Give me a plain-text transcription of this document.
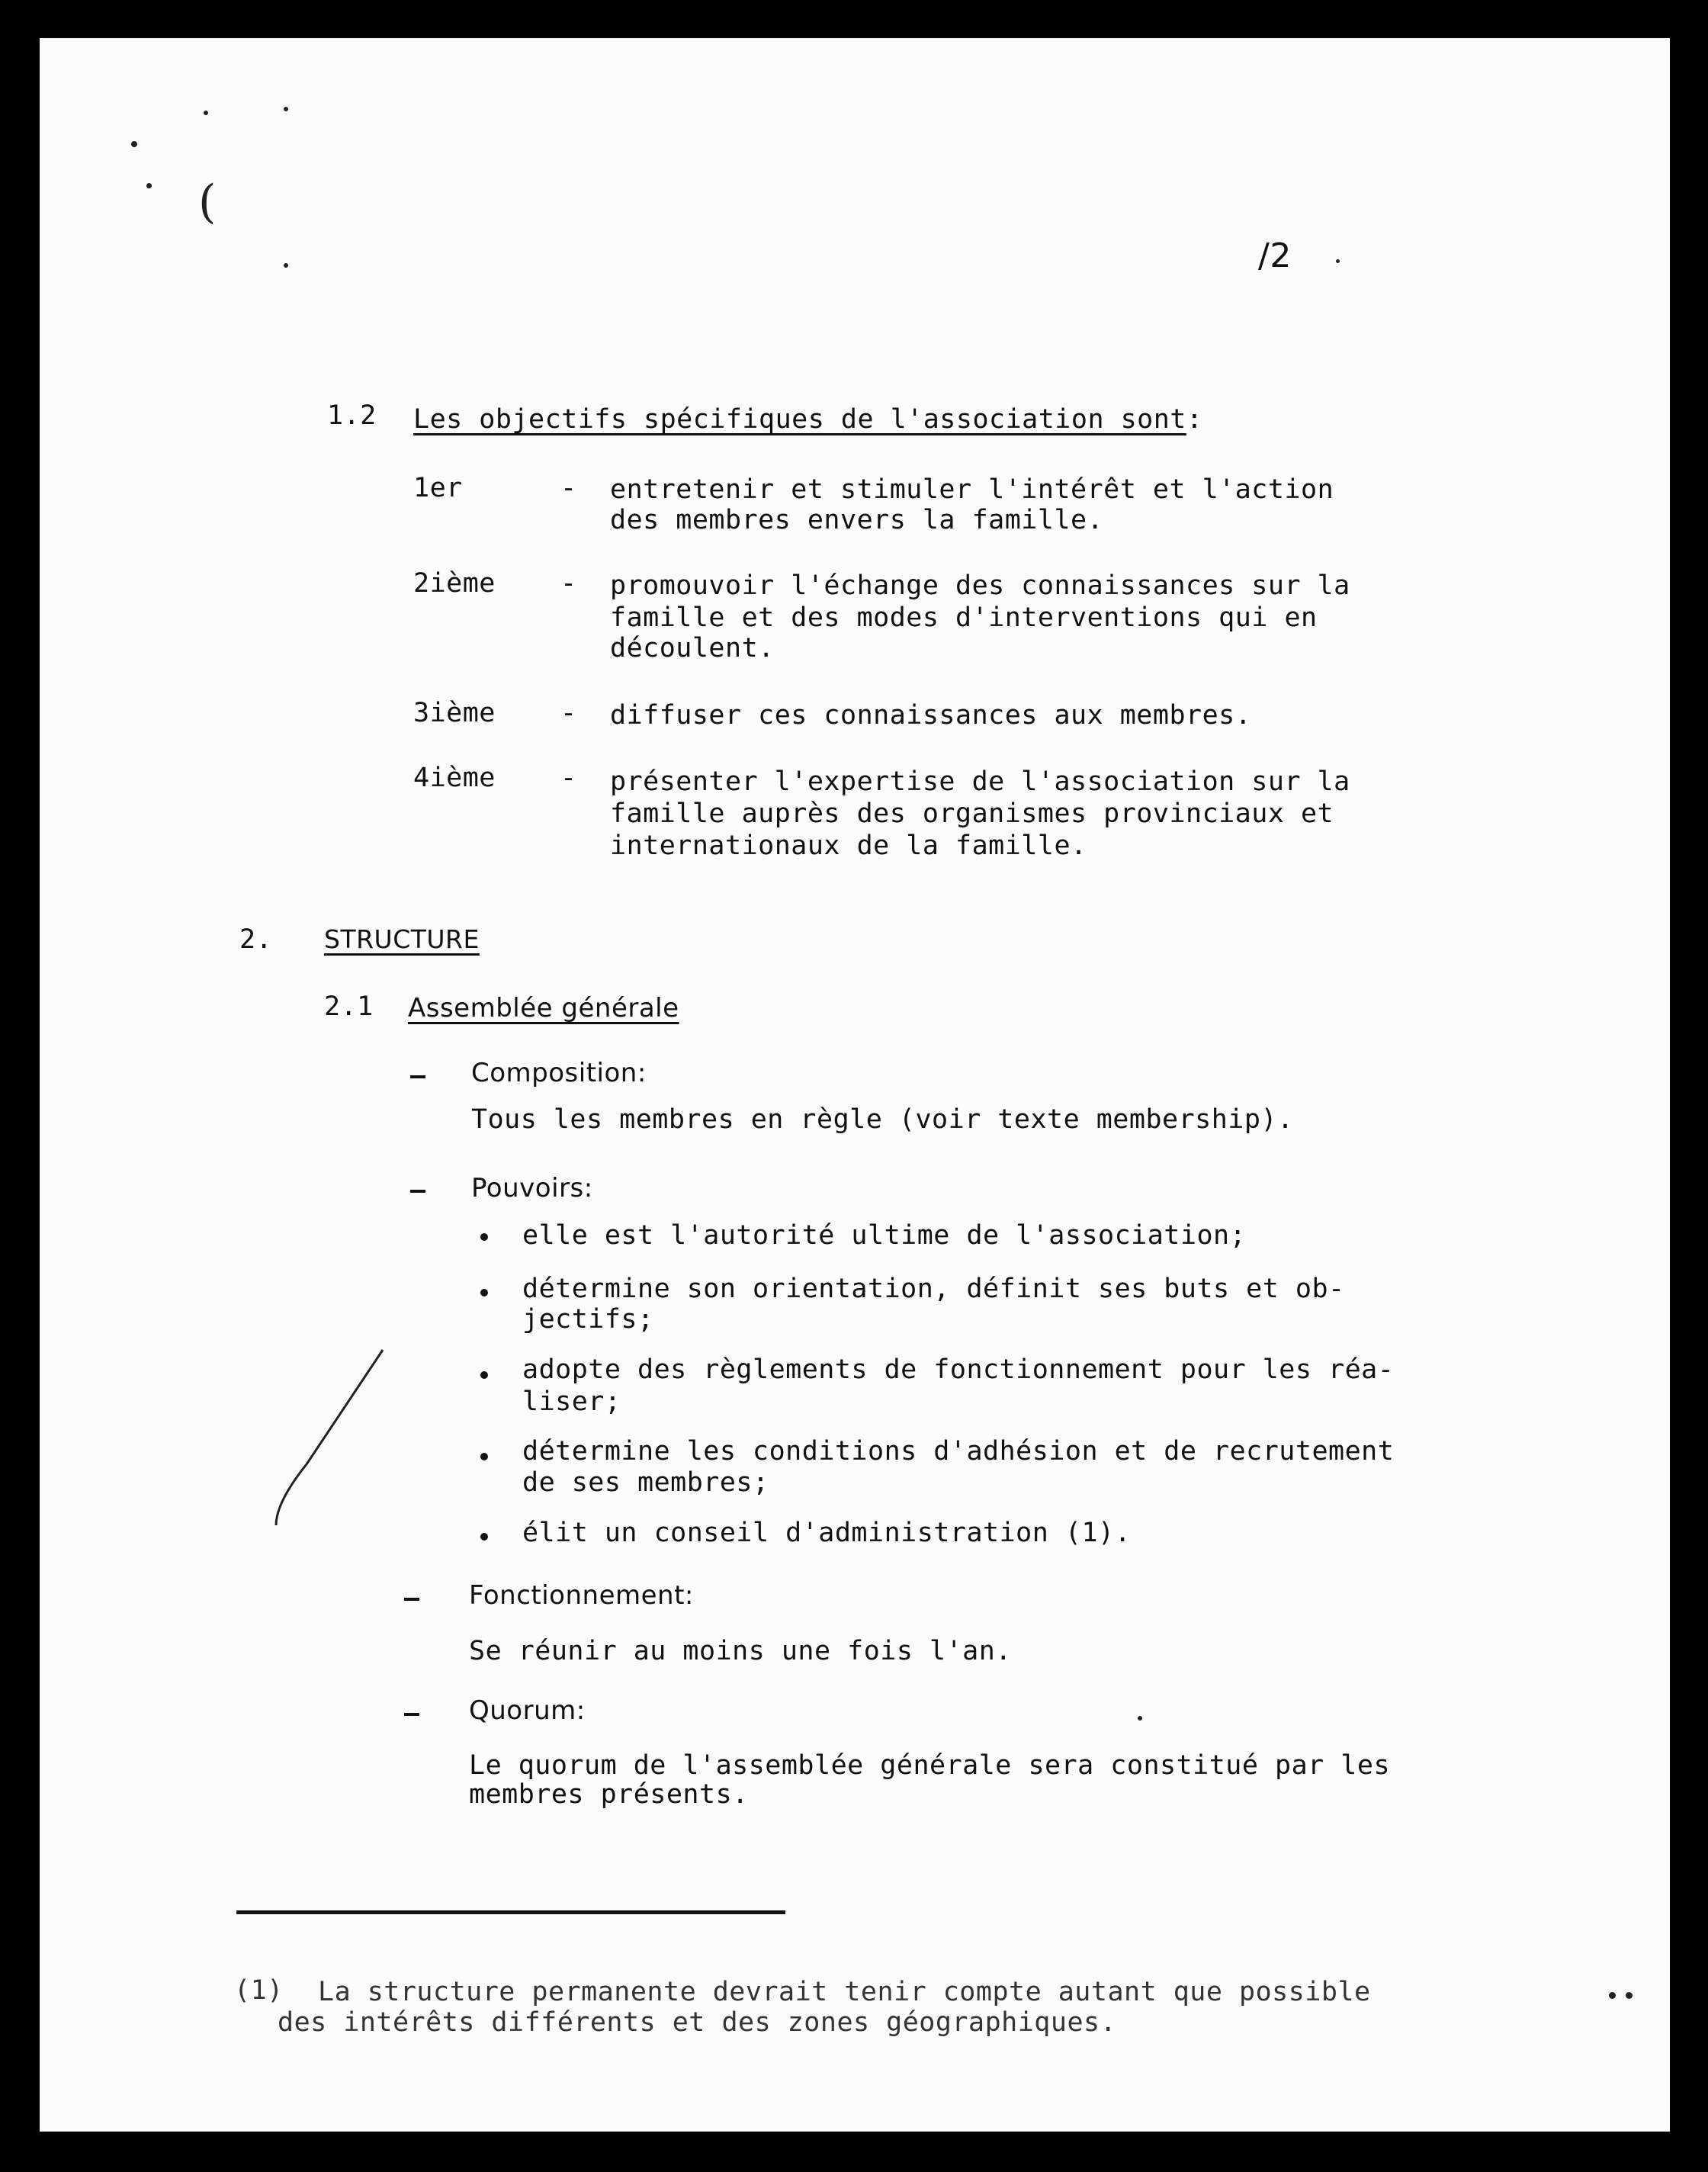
(
/2
1.2 Les objectifs spécifiques de l'association sont:
1er	- entretenir et stimuler l'intérêt et l'action
des membres envers la famille.
2ième - promouvoir l'échange des connaissances sur la
famille et des modes d'interventions qui en
découlent.
3ième - diffuser ces connaissances aux membres.
4ième - présenter l'expertise de l'association sur la
famille auprès des organismes provinciaux et
internationaux de la famille.
2. STRUCTURE
2.1 Assemblée générale
Composition:
Tous les membres en règle (voir texte membership).
Pouvoirs:
elle est l'autorité ultime de l'association;
détermine son orientation, définit ses buts et ob-
jectifs;
adopte des règlements de fonctionnement pour les réa-
liser;
détermine les conditions d'adhésion et de recrutement
de ses membres;
élit un conseil d'administration (1).
Fonctionnement:
Se réunir au moins une fois l'an.
Quorum:
Le quorum de l'assemblée générale sera constitué par les
membres présents.
(1) La structure permanente devrait tenir compte autant que possible
des intérêts différents et des zones géographiques.
